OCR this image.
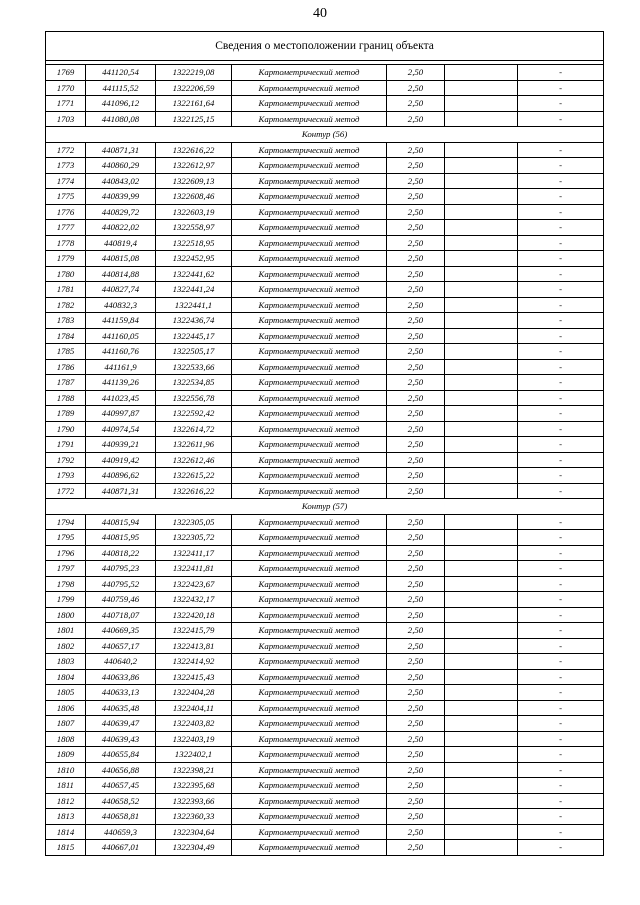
40
Сведения о местоположении границ объекта						

1769	441120,54	1322219,08	Картометрический метод	2,50		-
1770	441115,52	1322206,59	Картометрический метод	2,50		-
1771	441096,12	1322161,64	Картометрический метод	2,50		-
1703	441080,08	1322125,15	Картометрический метод	2,50		-
Контур (56)						
1772	440871,31	1322616,22	Картометрический метод	2,50		-
1773	440860,29	1322612,97	Картометрический метод	2,50		-
1774	440843,02	1322609,13	Картометрический метод	2,50		-
1775	440839,99	1322608,46	Картометрический метод	2,50		-
1776	440829,72	1322603,19	Картометрический метод	2,50		-
1777	440822,02	1322558,97	Картометрический метод	2,50		-
1778	440819,4	1322518,95	Картометрический метод	2,50		-
1779	440815,08	1322452,95	Картометрический метод	2,50		-
1780	440814,88	1322441,62	Картометрический метод	2,50		-
1781	440827,74	1322441,24	Картометрический метод	2,50		-
1782	440832,3	1322441,1	Картометрический метод	2,50		-
1783	441159,84	1322436,74	Картометрический метод	2,50		-
1784	441160,05	1322445,17	Картометрический метод	2,50		-
1785	441160,76	1322505,17	Картометрический метод	2,50		-
1786	441161,9	1322533,66	Картометрический метод	2,50		-
1787	441139,26	1322534,85	Картометрический метод	2,50		-
1788	441023,45	1322556,78	Картометрический метод	2,50		-
1789	440997,87	1322592,42	Картометрический метод	2,50		-
1790	440974,54	1322614,72	Картометрический метод	2,50		-
1791	440939,21	1322611,96	Картометрический метод	2,50		-
1792	440919,42	1322612,46	Картометрический метод	2,50		-
1793	440896,62	1322615,22	Картометрический метод	2,50		-
1772	440871,31	1322616,22	Картометрический метод	2,50		-
Контур (57)						
1794	440815,94	1322305,05	Картометрический метод	2,50		-
1795	440815,95	1322305,72	Картометрический метод	2,50		-
1796	440818,22	1322411,17	Картометрический метод	2,50		-
1797	440795,23	1322411,81	Картометрический метод	2,50		-
1798	440795,52	1322423,67	Картометрический метод	2,50		-
1799	440759,46	1322432,17	Картометрический метод	2,50		-
1800	440718,07	1322420,18	Картометрический метод	2,50		-
1801	440669,35	1322415,79	Картометрический метод	2,50		-
1802	440657,17	1322413,81	Картометрический метод	2,50		-
1803	440640,2	1322414,92	Картометрический метод	2,50		-
1804	440633,86	1322415,43	Картометрический метод	2,50		-
1805	440633,13	1322404,28	Картометрический метод	2,50		-
1806	440635,48	1322404,11	Картометрический метод	2,50		-
1807	440639,47	1322403,82	Картометрический метод	2,50		-
1808	440639,43	1322403,19	Картометрический метод	2,50		-
1809	440655,84	1322402,1	Картометрический метод	2,50		-
1810	440656,88	1322398,21	Картометрический метод	2,50		-
1811	440657,45	1322395,68	Картометрический метод	2,50		-
1812	440658,52	1322393,66	Картометрический метод	2,50		-
1813	440658,81	1322360,33	Картометрический метод	2,50		-
1814	440659,3	1322304,64	Картометрический метод	2,50		-
1815	440667,01	1322304,49	Картометрический метод	2,50		-
